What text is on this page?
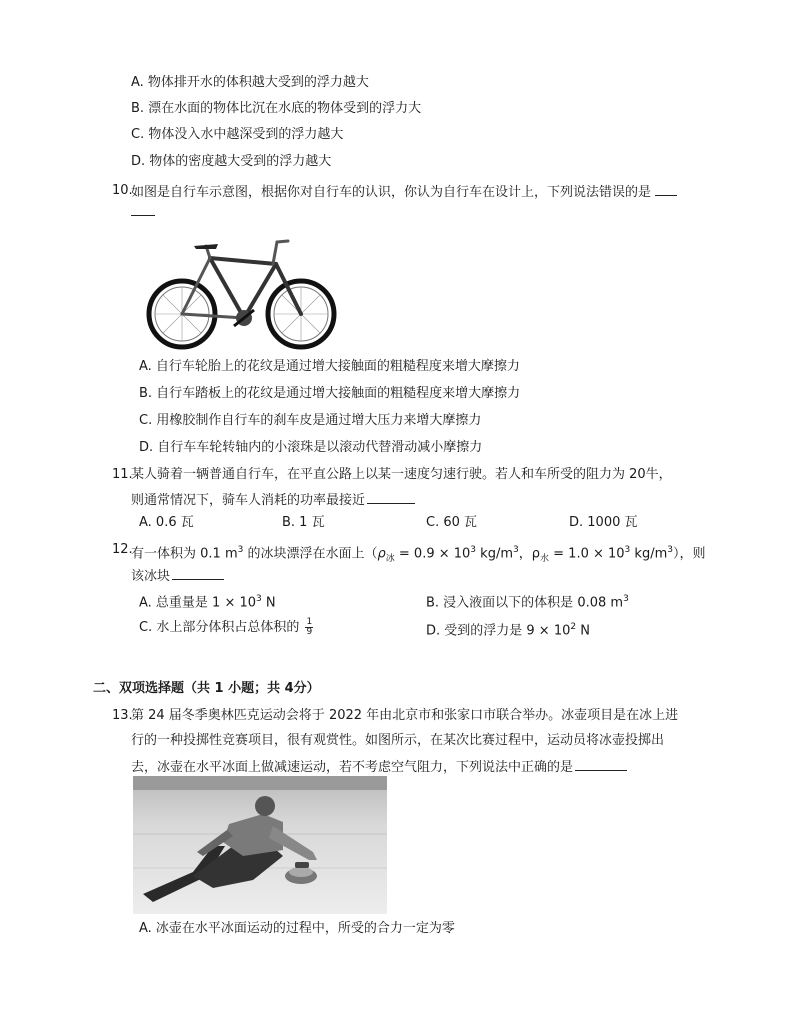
A. 物体排开水的体积越大受到的浮力越大
B. 漂在水面的物体比沉在水底的物体受到的浮力大
C. 物体没入水中越深受到的浮力越大
D. 物体的密度越大受到的浮力越大
10.
如图是自行车示意图，根据你对自行车的认识，你认为自行车在设计上，下列说法错误的是
A. 自行车轮胎上的花纹是通过增大接触面的粗糙程度来增大摩擦力
B. 自行车踏板上的花纹是通过增大接触面的粗糙程度来增大摩擦力
C. 用橡胶制作自行车的刹车皮是通过增大压力来增大摩擦力
D. 自行车车轮转轴内的小滚珠是以滚动代替滑动减小摩擦力
11.
某人骑着一辆普通自行车，在平直公路上以某一速度匀速行驶。若人和车所受的阻力为 20牛，
则通常情况下，骑车人消耗的功率最接近
A. 0.6 瓦	B. 1 瓦	C. 60 瓦	D. 1000 瓦
12.
有一体积为 0.1 $m^3$ 的冰块漂浮在水面上（$\rho_冰 = 0.9 \times 10^3$ $kg/m^3$，$\rho_水 = 1.0 \times 10^3$ $kg/m^3$），则
该冰块
A. 总重量是 $1 \times 10^3$ N	B. 浸入液面以下的体积是 0.08 $m^3$
C. 水上部分体积占总体积的 $\frac{1}{9}$	D. 受到的浮力是 $9 \times 10^2$ N
二、双项选择题（共 1 小题；共 4分）
13.
第 24 届冬季奥林匹克运动会将于 2022 年由北京市和张家口市联合举办。冰壶项目是在冰上进
行的一种投掷性竞赛项目，很有观赏性。如图所示，在某次比赛过程中，运动员将冰壶投掷出
去，冰壶在水平冰面上做减速运动，若不考虑空气阻力，下列说法中正确的是
A. 冰壶在水平冰面运动的过程中，所受的合力一定为零
